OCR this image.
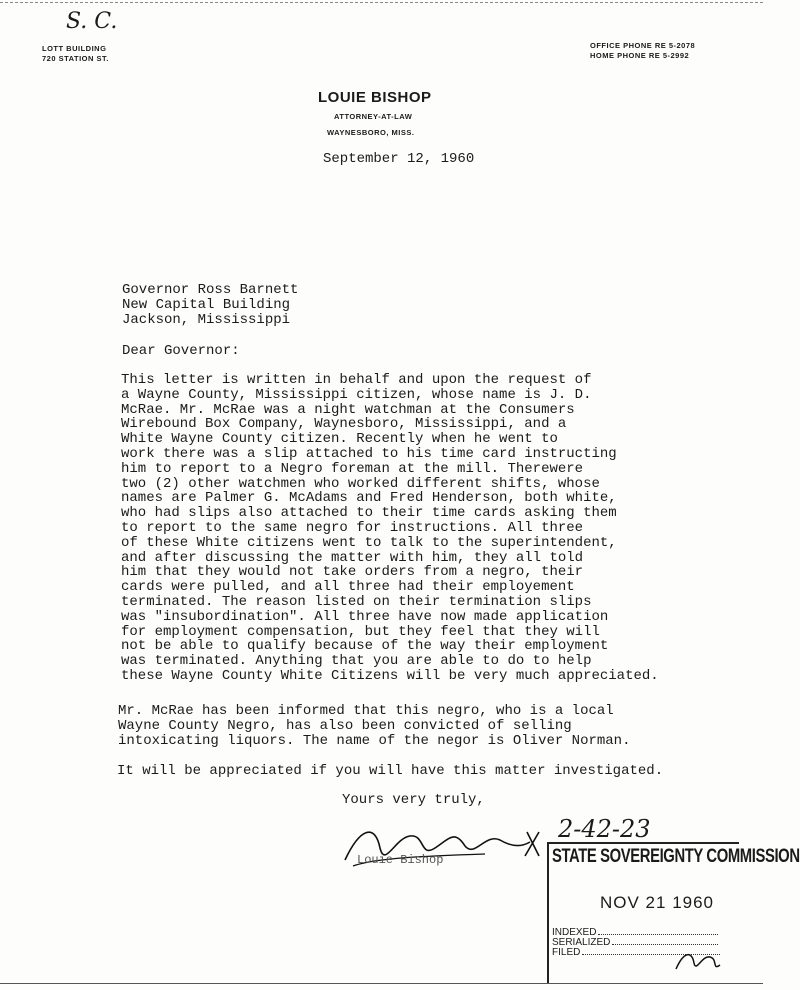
S. C.
LOTT BUILDING
720 STATION ST.
OFFICE PHONE RE 5-2078
HOME PHONE RE 5-2992
LOUIE BISHOP
ATTORNEY-AT-LAW
WAYNESBORO, MISS.
September 12, 1960
Governor Ross Barnett
New Capital Building
Jackson, Mississippi
Dear Governor:
This letter is written in behalf and upon the request of
a Wayne County, Mississippi citizen, whose name is J. D.
McRae. Mr. McRae was a night watchman at the Consumers
Wirebound Box Company, Waynesboro, Mississippi, and a
White Wayne County citizen. Recently when he went to
work there was a slip attached to his time card instructing
him to report to a Negro foreman at the mill. Therewere
two (2) other watchmen who worked different shifts, whose
names are Palmer G. McAdams and Fred Henderson, both white,
who had slips also attached to their time cards asking them
to report to the same negro for instructions. All three
of these White citizens went to talk to the superintendent,
and after discussing the matter with him, they all told
him that they would not take orders from a negro, their
cards were pulled, and all three had their employement
terminated. The reason listed on their termination slips
was "insubordination". All three have now made application
for employment compensation, but they feel that they will
not be able to qualify because of the way their employment
was terminated. Anything that you are able to do to help
these Wayne County White Citizens will be very much appreciated.
Mr. McRae has been informed that this negro, who is a local
Wayne County Negro, has also been convicted of selling
intoxicating liquors. The name of the negor is Oliver Norman.
It will be appreciated if you will have this matter investigated.
Yours very truly,
Louie Bishop
2-42-23
STATE SOVEREIGNTY COMMISSION
NOV 21 1960
INDEXED
SERIALIZED
FILED
